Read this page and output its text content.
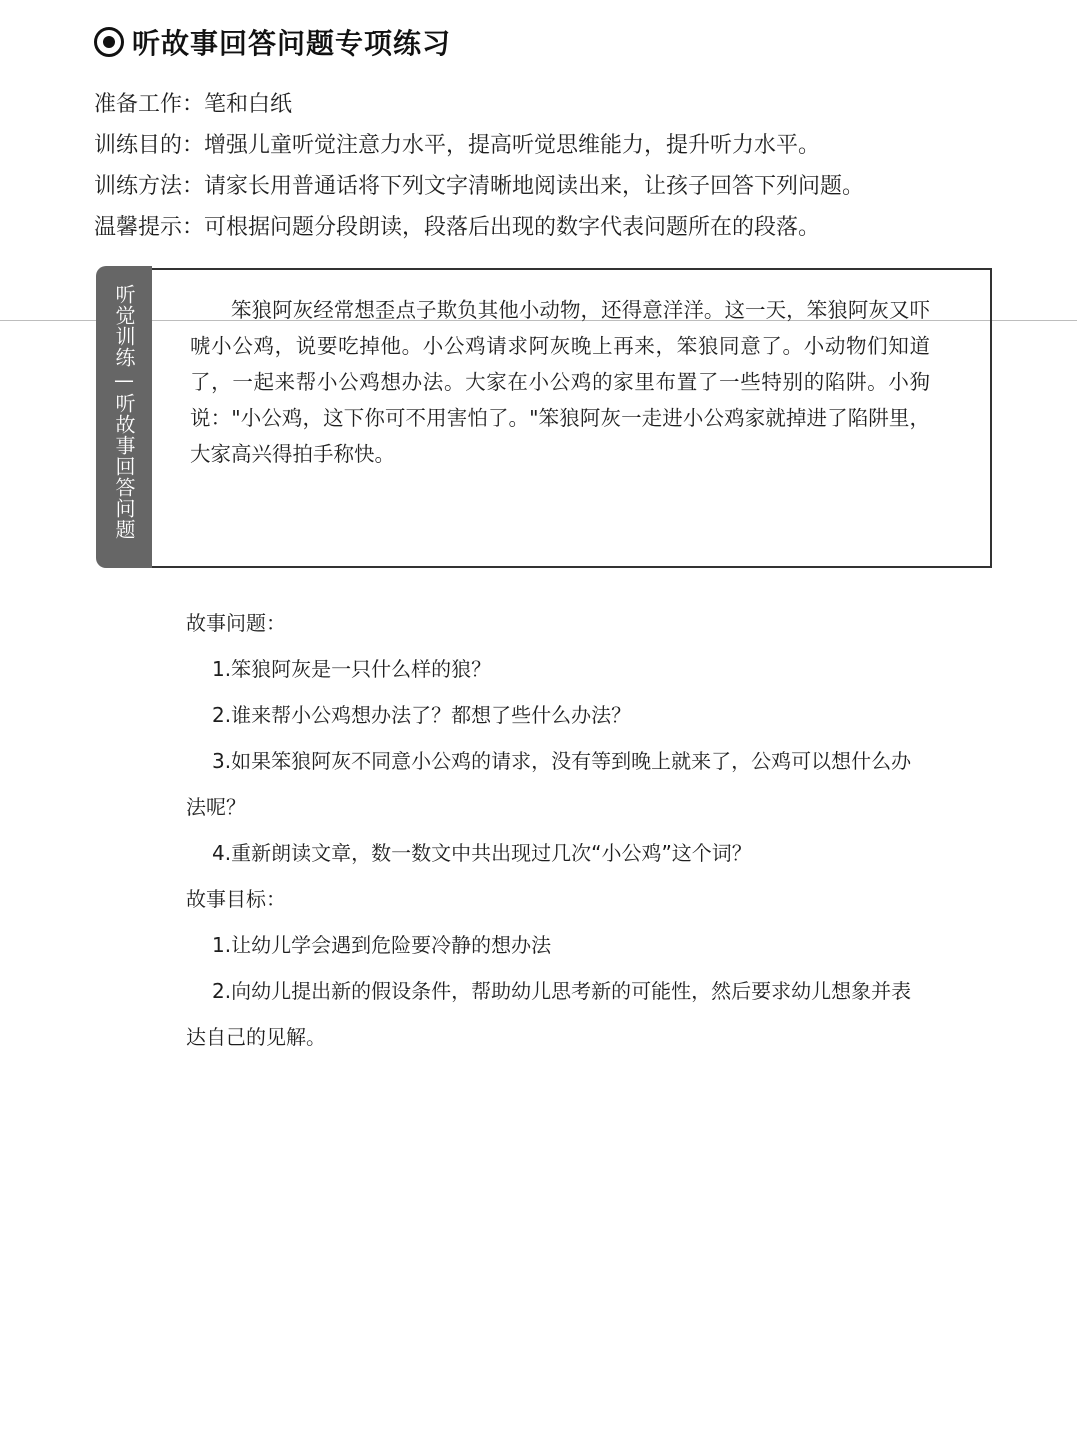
听故事回答问题专项练习
准备工作：笔和白纸
训练目的：增强儿童听觉注意力水平，提高听觉思维能力，提升听力水平。
训练方法：请家长用普通话将下列文字清晰地阅读出来，让孩子回答下列问题。
温馨提示：可根据问题分段朗读，段落后出现的数字代表问题所在的段落。
听觉训练—听故事回答问题	笨狼阿灰经常想歪点子欺负其他小动物，还得意洋洋。这一天，笨狼阿灰又吓唬小公鸡，说要吃掉他。小公鸡请求阿灰晚上再来，笨狼同意了。小动物们知道了，一起来帮小公鸡想办法。大家在小公鸡的家里布置了一些特别的陷阱。小狗说："小公鸡，这下你可不用害怕了。"笨狼阿灰一走进小公鸡家就掉进了陷阱里，大家高兴得拍手称快。
故事问题：
1.笨狼阿灰是一只什么样的狼？
2.谁来帮小公鸡想办法了？都想了些什么办法？
3.如果笨狼阿灰不同意小公鸡的请求，没有等到晚上就来了，公鸡可以想什么办法呢？
4.重新朗读文章，数一数文中共出现过几次“小公鸡”这个词？
故事目标：
1.让幼儿学会遇到危险要冷静的想办法
2.向幼儿提出新的假设条件，帮助幼儿思考新的可能性，然后要求幼儿想象并表达自己的见解。
